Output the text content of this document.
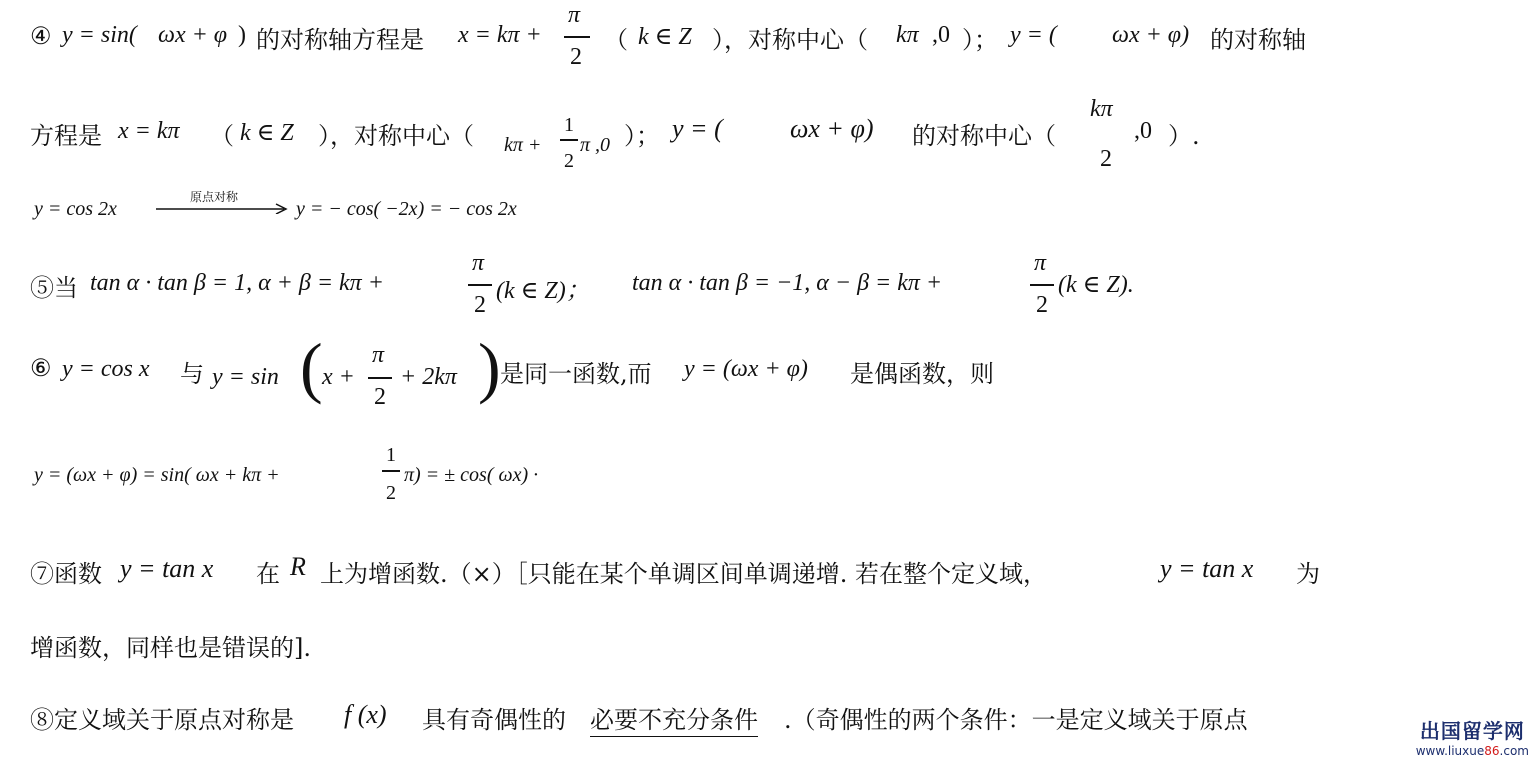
④ y = sin( ωx + φ ) 的对称轴方程是 x = kπ +
π
2
（ k ∈ Z ），对称中心（ kπ ,0 ）； y = ( ωx + φ) 的对称轴
方程是 x = kπ （ k ∈ Z ），对称中心（ kπ +
1
2
π ,0 ）； y = (	ωx + φ) 的对称中心（
kπ
2
,0 ）.
y = cos 2x
原点对称
y = − cos( −2x) = − cos 2x
⑤当 tan α · tan β = 1, α + β = kπ +
π
2
(k ∈ Z)； tan α · tan β = −1, α − β = kπ +
π
2
(k ∈ Z).
⑥ y = cos x 与 y = sin ( x +
π
2
+ 2kπ ) 是同一函数,而 y = (ωx + φ) 是偶函数，则
y = (ωx + φ) = sin( ωx + kπ +
1
2
π) = ± cos( ωx) ·
⑦函数 y = tan x 在 R 上为增函数.（×）［只能在某个单调区间单调递增. 若在整个定义域，	y = tan x 为
增函数，同样也是错误的].
⑧定义域关于原点对称是 f (x) 具有奇偶性的 必要不充分条件 .（奇偶性的两个条件：一是定义域关于原点	出国留学网
www.liuxue86.com
